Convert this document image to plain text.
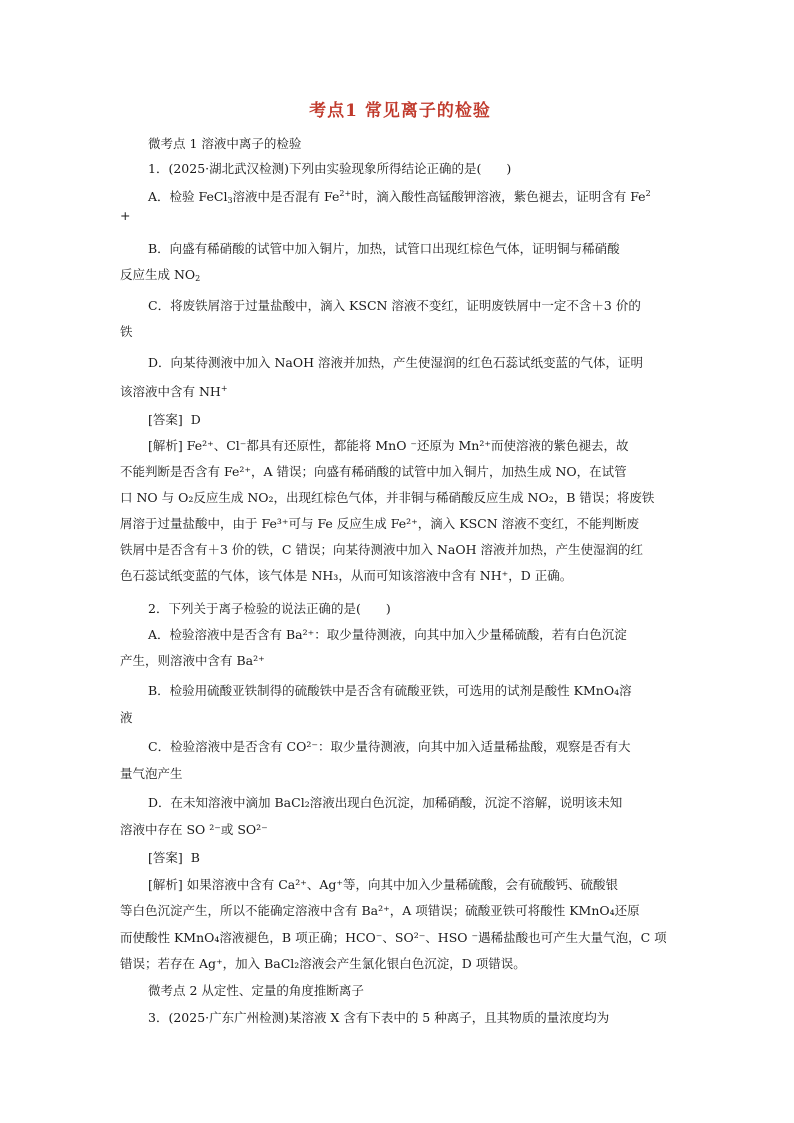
考点1 常见离子的检验
微考点 1 溶液中离子的检验
1．(2025·湖北武汉检测)下列由实验现象所得结论正确的是(　　)
A．检验 FeCl$_3$溶液中是否混有 $Fe^{2+}$时，滴入酸性高锰酸钾溶液，紫色褪去，证明含有 $Fe^2$
+
B．向盛有稀硝酸的试管中加入铜片，加热，试管口出现红棕色气体，证明铜与稀硝酸
反应生成 $NO_2$
C．将废铁屑溶于过量盐酸中，滴入 KSCN 溶液不变红，证明废铁屑中一定不含＋3 价的
铁
D．向某待测液中加入 NaOH 溶液并加热，产生使湿润的红色石蕊试纸变蓝的气体，证明
该溶液中含有 NH+
[答案] D
[解析] Fe²⁺、Cl⁻都具有还原性，都能将 MnO ⁻还原为 Mn²⁺而使溶液的紫色褪去，故
不能判断是否含有 Fe²⁺，A 错误；向盛有稀硝酸的试管中加入铜片，加热生成 NO，在试管
口 NO 与 O₂反应生成 NO₂，出现红棕色气体，并非铜与稀硝酸反应生成 NO₂，B 错误；将废铁
屑溶于过量盐酸中，由于 Fe³⁺可与 Fe 反应生成 Fe²⁺，滴入 KSCN 溶液不变红，不能判断废
铁屑中是否含有＋3 价的铁，C 错误；向某待测液中加入 NaOH 溶液并加热，产生使湿润的红
色石蕊试纸变蓝的气体，该气体是 NH₃，从而可知该溶液中含有 NH⁺，D 正确。
2．下列关于离子检验的说法正确的是(　　)
A．检验溶液中是否含有 Ba²⁺：取少量待测液，向其中加入少量稀硫酸，若有白色沉淀
产生，则溶液中含有 Ba²⁺
B．检验用硫酸亚铁制得的硫酸铁中是否含有硫酸亚铁，可选用的试剂是酸性 KMnO₄溶
液
C．检验溶液中是否含有 CO²⁻：取少量待测液，向其中加入适量稀盐酸，观察是否有大
量气泡产生
D．在未知溶液中滴加 BaCl₂溶液出现白色沉淀，加稀硝酸，沉淀不溶解，说明该未知
溶液中存在 SO ²⁻或 SO²⁻
[答案] B
[解析] 如果溶液中含有 Ca²⁺、Ag⁺等，向其中加入少量稀硫酸，会有硫酸钙、硫酸银
等白色沉淀产生，所以不能确定溶液中含有 Ba²⁺，A 项错误；硫酸亚铁可将酸性 KMnO₄还原
而使酸性 KMnO₄溶液褪色，B 项正确；HCO⁻、SO²⁻、HSO ⁻遇稀盐酸也可产生大量气泡，C 项
错误；若存在 Ag⁺，加入 BaCl₂溶液会产生氯化银白色沉淀，D 项错误。
微考点 2 从定性、定量的角度推断离子
3．(2025·广东广州检测)某溶液 X 含有下表中的 5 种离子，且其物质的量浓度均为
